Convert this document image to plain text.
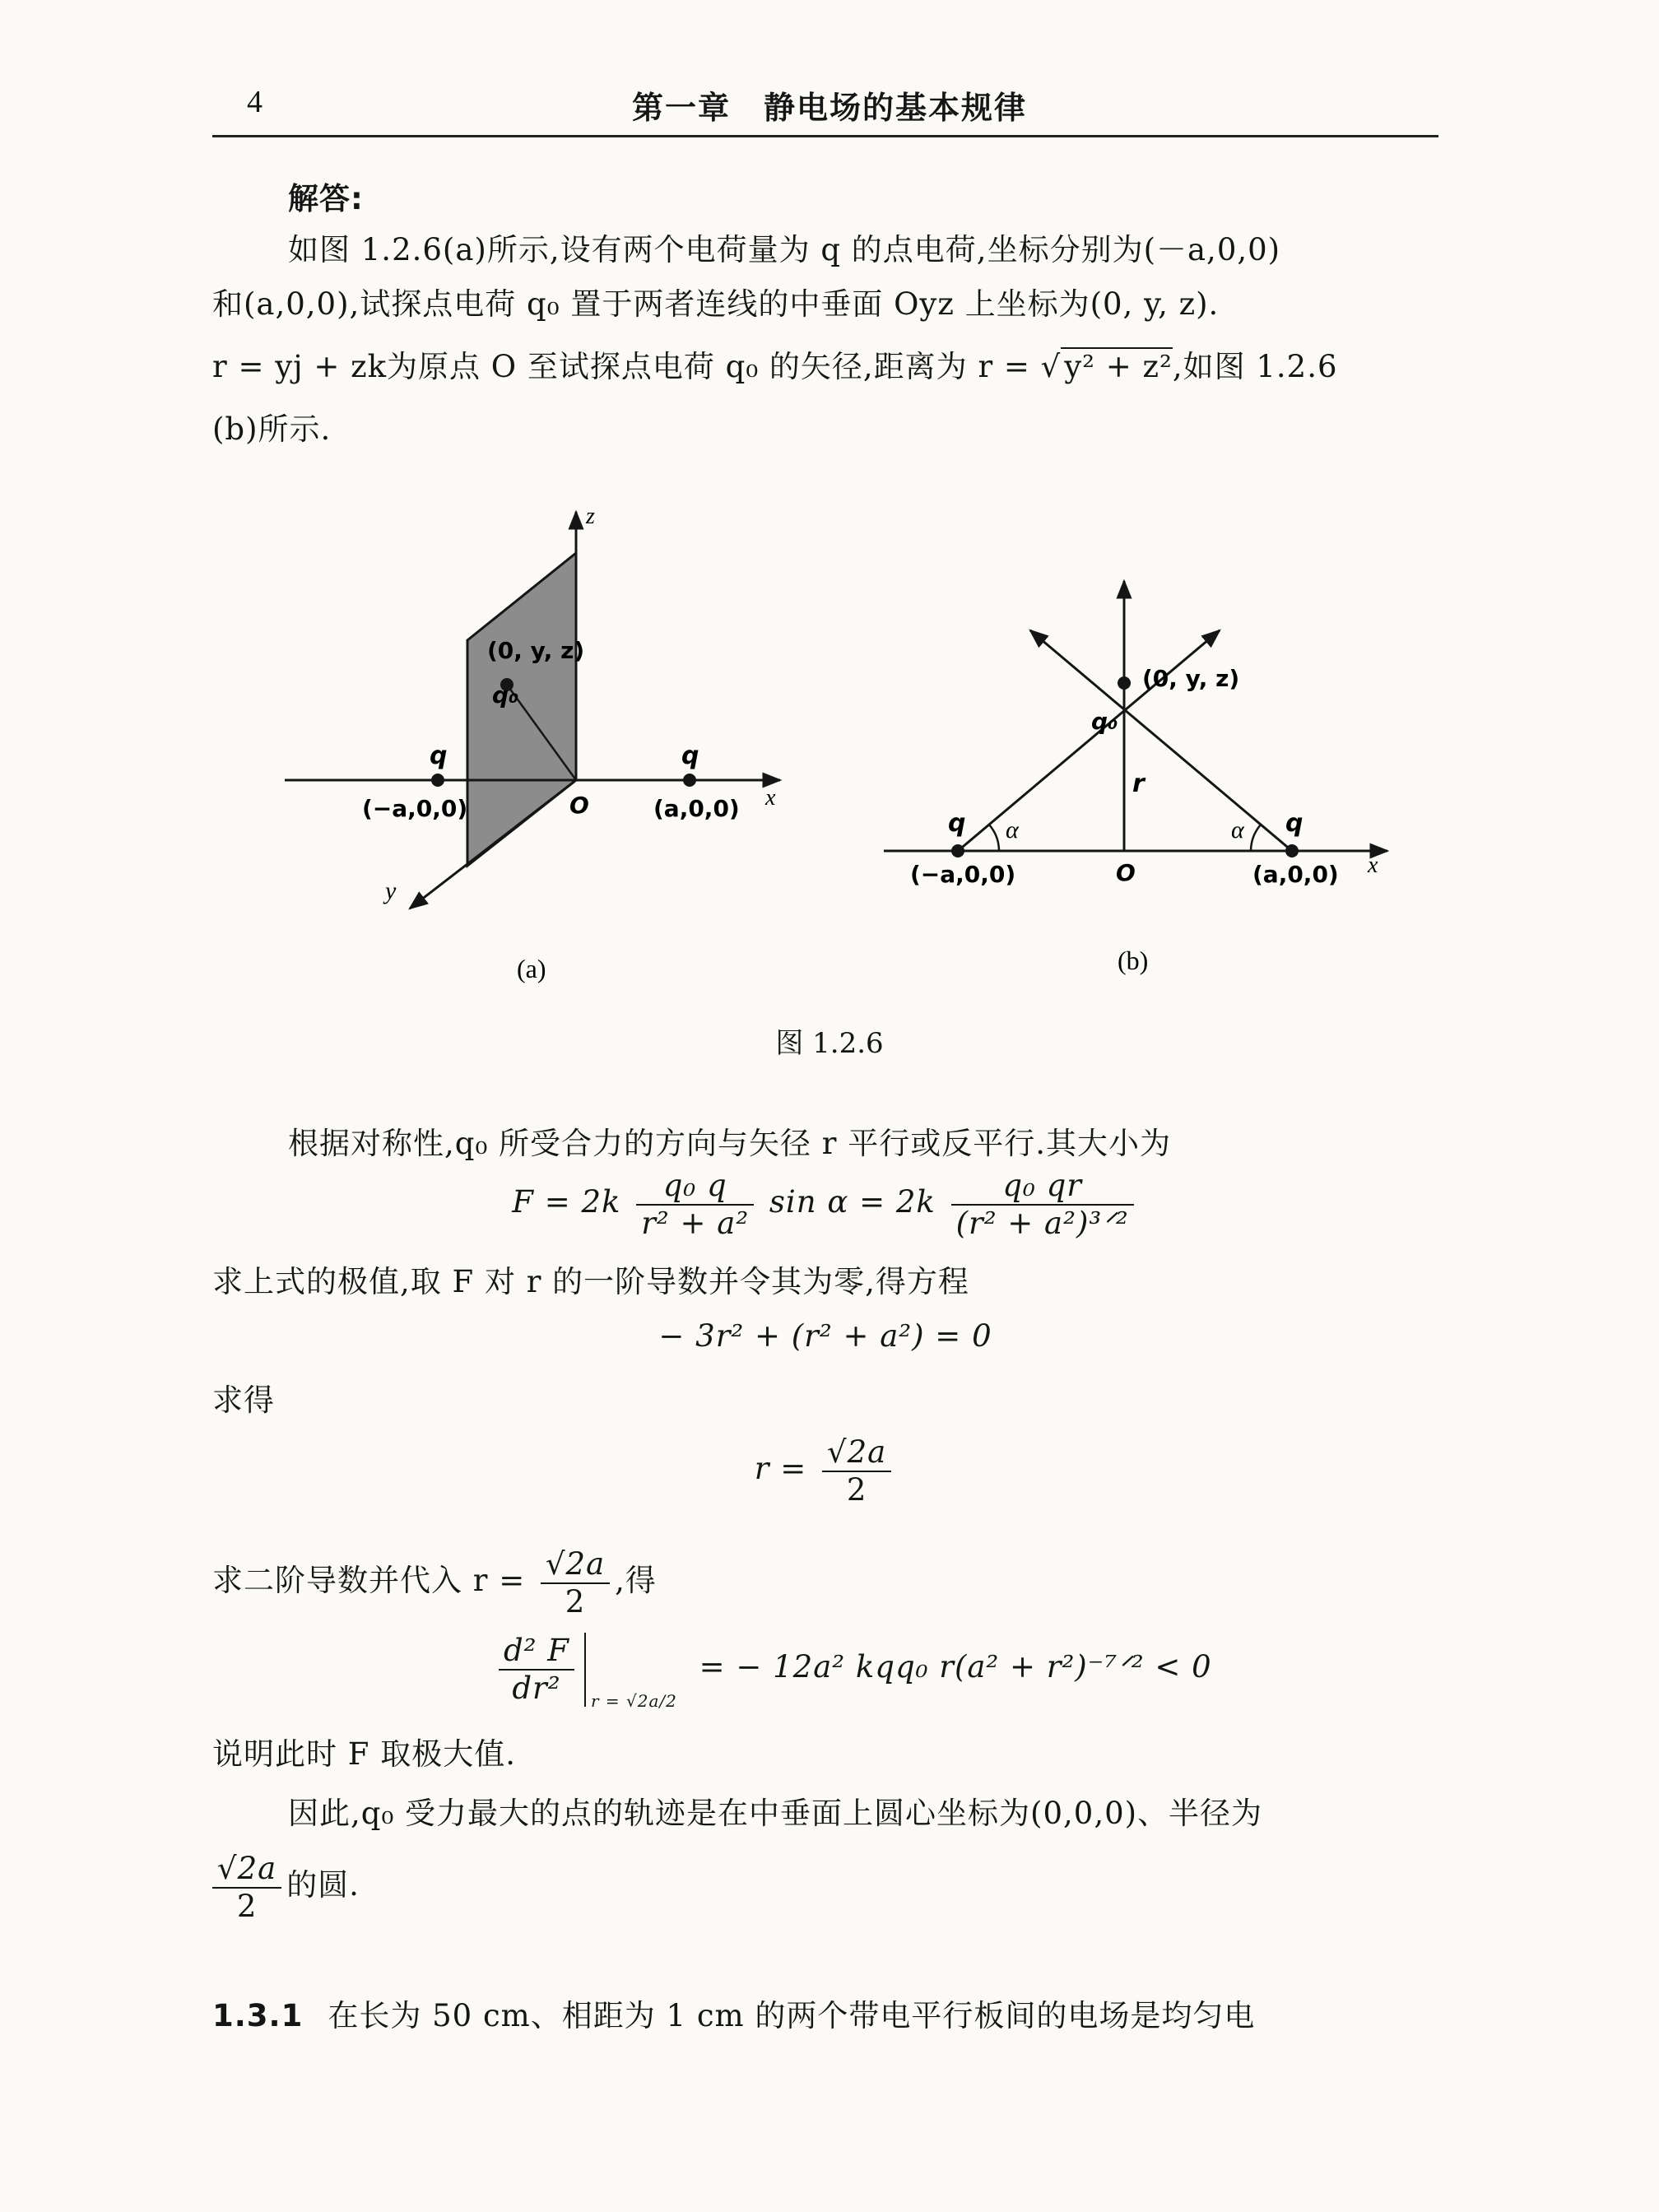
4	第一章　静电场的基本规律
解答:
如图 1.2.6(a)所示,设有两个电荷量为 q 的点电荷,坐标分别为(－a,0,0)
和(a,0,0),试探点电荷 q₀ 置于两者连线的中垂面 Oyz 上坐标为(0, y, z).
r = yj + zk为原点 O 至试探点电荷 q₀ 的矢径,距离为 r = √ y² + z²,如图 1.2.6
(b)所示.
z
x
y
(0, y, z)
q₀
q	q
(−a,0,0)	(a,0,0)
O
(a)
(0, y, z)
q₀
r
q	q
α	α
(−a,0,0)	(a,0,0)
O	x
(b)
图 1.2.6
根据对称性,q₀ 所受合力的方向与矢径 r 平行或反平行.其大小为
$F = 2k \frac{\text{q₀ q}}{\text{r² + a²}}$ $\sin \alpha = 2k \frac{\text{q₀ qr}}{\text{(r² + a²)³ᐟ²}}$
求上式的极值,取 F 对 r 的一阶导数并令其为零,得方程
− 3r² + (r² + a²) = 0
求得
$r = \frac{√2a}{2}$
求二阶导数并代入 $r = \frac{√2a}{2}$ ,得
$\frac{\text{d² F}}{\text{dr²}} _{r = √2a/2}$ = − 12a² kqq₀ r(a² + r²)⁻⁷ᐟ² < 0
说明此时 F 取极大值.
因此,q₀ 受力最大的点的轨迹是在中垂面上圆心坐标为(0,0,0)、半径为
$\frac{√2a}{2}$ 的圆.
1.3.1 在长为 50 cm、相距为 1 cm 的两个带电平行板间的电场是均匀电
